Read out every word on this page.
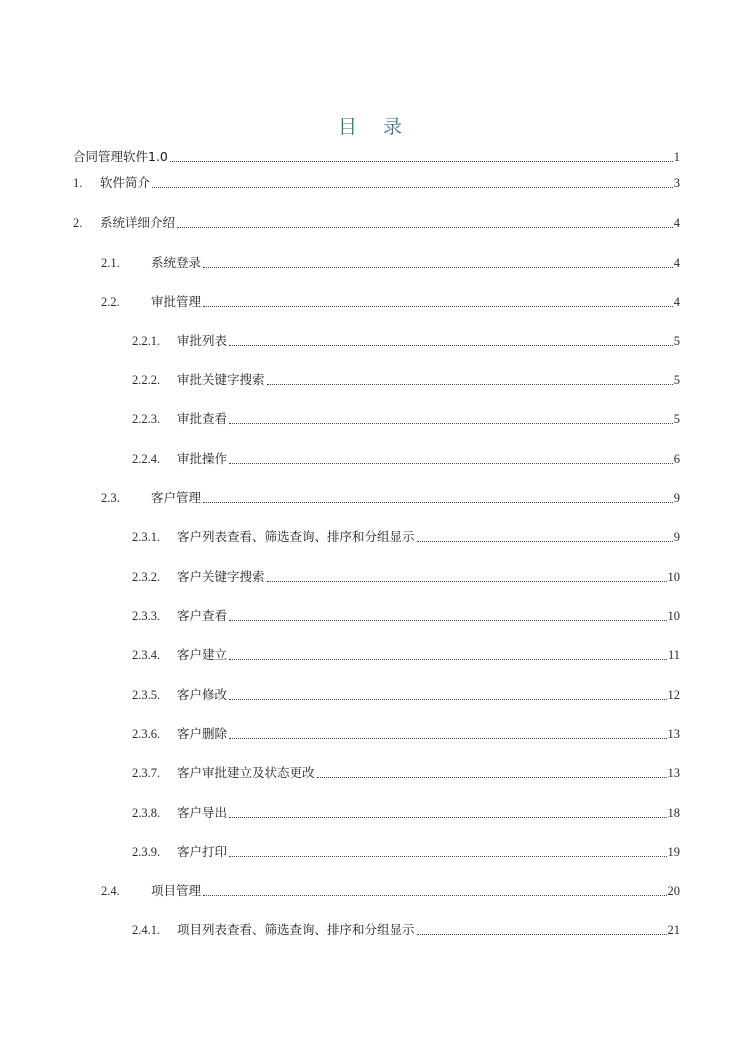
目 录
合同管理软件1.0	1
1.	软件简介	3
2.	系统详细介绍	4
2.1.	系统登录	4
2.2.	审批管理	4
2.2.1.	审批列表	5
2.2.2.	审批关键字搜索	5
2.2.3.	审批查看	5
2.2.4.	审批操作	6
2.3.	客户管理	9
2.3.1.	客户列表查看、筛选查询、排序和分组显示	9
2.3.2.	客户关键字搜索	10
2.3.3.	客户查看	10
2.3.4.	客户建立	11
2.3.5.	客户修改	12
2.3.6.	客户删除	13
2.3.7.	客户审批建立及状态更改	13
2.3.8.	客户导出	18
2.3.9.	客户打印	19
2.4.	项目管理	20
2.4.1.	项目列表查看、筛选查询、排序和分组显示	21
